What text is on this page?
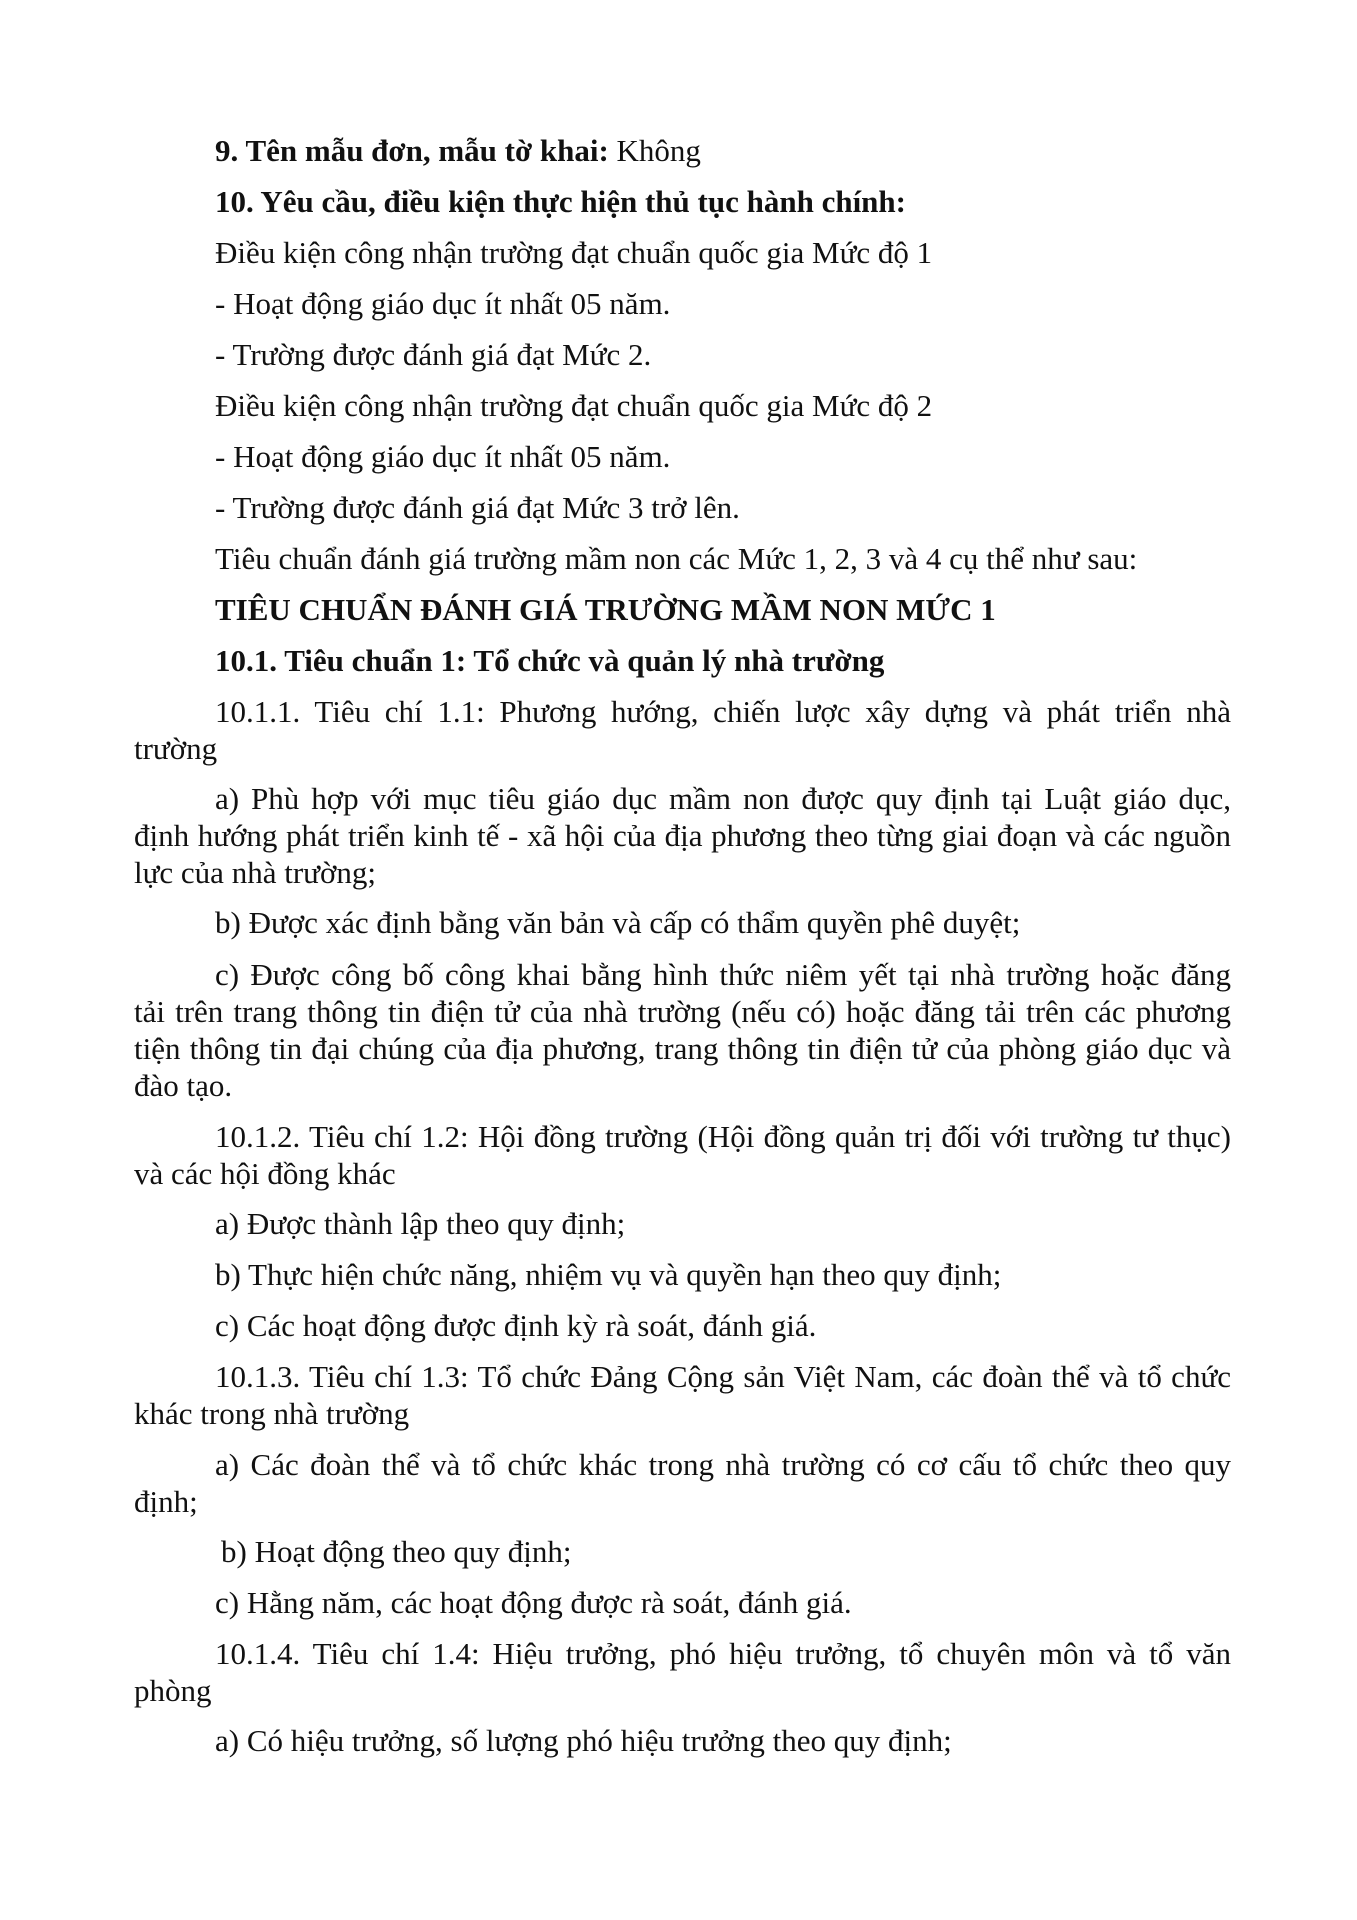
9. Tên mẫu đơn, mẫu tờ khai: Không

10. Yêu cầu, điều kiện thực hiện thủ tục hành chính:

Điều kiện công nhận trường đạt chuẩn quốc gia Mức độ 1

- Hoạt động giáo dục ít nhất 05 năm.

- Trường được đánh giá đạt Mức 2.

Điều kiện công nhận trường đạt chuẩn quốc gia Mức độ 2

- Hoạt động giáo dục ít nhất 05 năm.

- Trường được đánh giá đạt Mức 3 trở lên.

Tiêu chuẩn đánh giá trường mầm non các Mức 1, 2, 3 và 4 cụ thể như sau:

TIÊU CHUẨN ĐÁNH GIÁ TRƯỜNG MẦM NON MỨC 1

10.1. Tiêu chuẩn 1: Tổ chức và quản lý nhà trường

10.1.1. Tiêu chí 1.1: Phương hướng, chiến lược xây dựng và phát triển nhà

trường

a) Phù hợp với mục tiêu giáo dục mầm non được quy định tại Luật giáo dục,

định hướng phát triển kinh tế - xã hội của địa phương theo từng giai đoạn và các nguồn

lực của nhà trường;

b) Được xác định bằng văn bản và cấp có thẩm quyền phê duyệt;

c) Được công bố công khai bằng hình thức niêm yết tại nhà trường hoặc đăng

tải trên trang thông tin điện tử của nhà trường (nếu có) hoặc đăng tải trên các phương

tiện thông tin đại chúng của địa phương, trang thông tin điện tử của phòng giáo dục và

đào tạo.

10.1.2. Tiêu chí 1.2: Hội đồng trường (Hội đồng quản trị đối với trường tư thục)

và các hội đồng khác

a) Được thành lập theo quy định;

b) Thực hiện chức năng, nhiệm vụ và quyền hạn theo quy định;

c) Các hoạt động được định kỳ rà soát, đánh giá.

10.1.3. Tiêu chí 1.3: Tổ chức Đảng Cộng sản Việt Nam, các đoàn thể và tổ chức

khác trong nhà trường

a) Các đoàn thể và tổ chức khác trong nhà trường có cơ cấu tổ chức theo quy

định;

b) Hoạt động theo quy định;

c) Hằng năm, các hoạt động được rà soát, đánh giá.

10.1.4. Tiêu chí 1.4: Hiệu trưởng, phó hiệu trưởng, tổ chuyên môn và tổ văn

phòng

a) Có hiệu trưởng, số lượng phó hiệu trưởng theo quy định;
